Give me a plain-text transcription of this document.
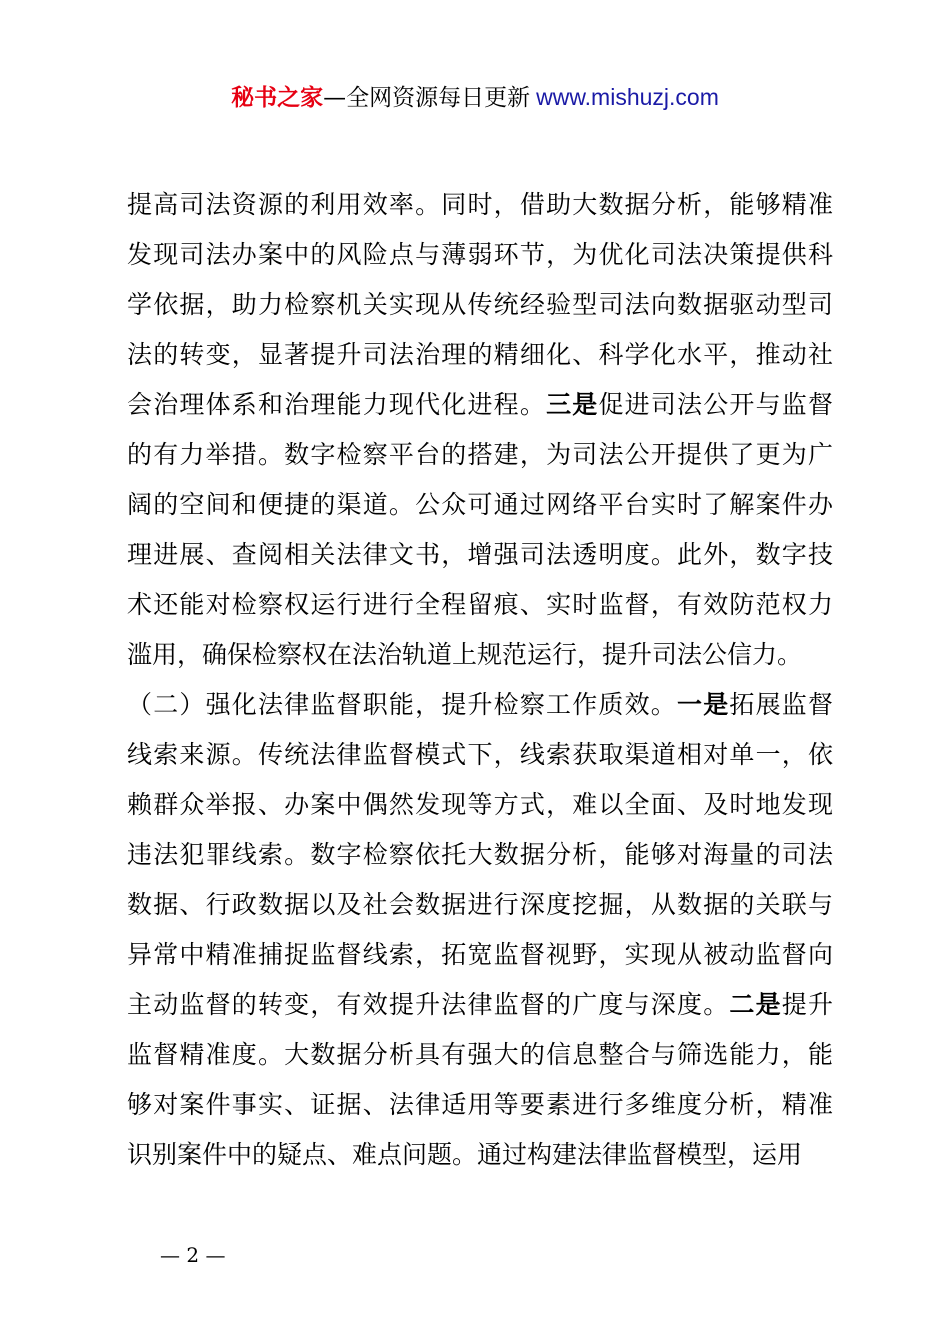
秘书之家—全网资源每日更新 www.mishuzj.com
提高司法资源的利用效率。同时，借助大数据分析，能够精准
发现司法办案中的风险点与薄弱环节，为优化司法决策提供科
学依据，助力检察机关实现从传统经验型司法向数据驱动型司
法的转变，显著提升司法治理的精细化、科学化水平，推动社
会治理体系和治理能力现代化进程。三是促进司法公开与监督
的有力举措。数字检察平台的搭建，为司法公开提供了更为广
阔的空间和便捷的渠道。公众可通过网络平台实时了解案件办
理进展、查阅相关法律文书，增强司法透明度。此外，数字技
术还能对检察权运行进行全程留痕、实时监督，有效防范权力
滥用，确保检察权在法治轨道上规范运行，提升司法公信力。
（二）强化法律监督职能，提升检察工作质效。一是拓展监督
线索来源。传统法律监督模式下，线索获取渠道相对单一，依
赖群众举报、办案中偶然发现等方式，难以全面、及时地发现
违法犯罪线索。数字检察依托大数据分析，能够对海量的司法
数据、行政数据以及社会数据进行深度挖掘，从数据的关联与
异常中精准捕捉监督线索，拓宽监督视野，实现从被动监督向
主动监督的转变，有效提升法律监督的广度与深度。二是提升
监督精准度。大数据分析具有强大的信息整合与筛选能力，能
够对案件事实、证据、法律适用等要素进行多维度分析，精准
识别案件中的疑点、难点问题。通过构建法律监督模型，运用
— 2 —
